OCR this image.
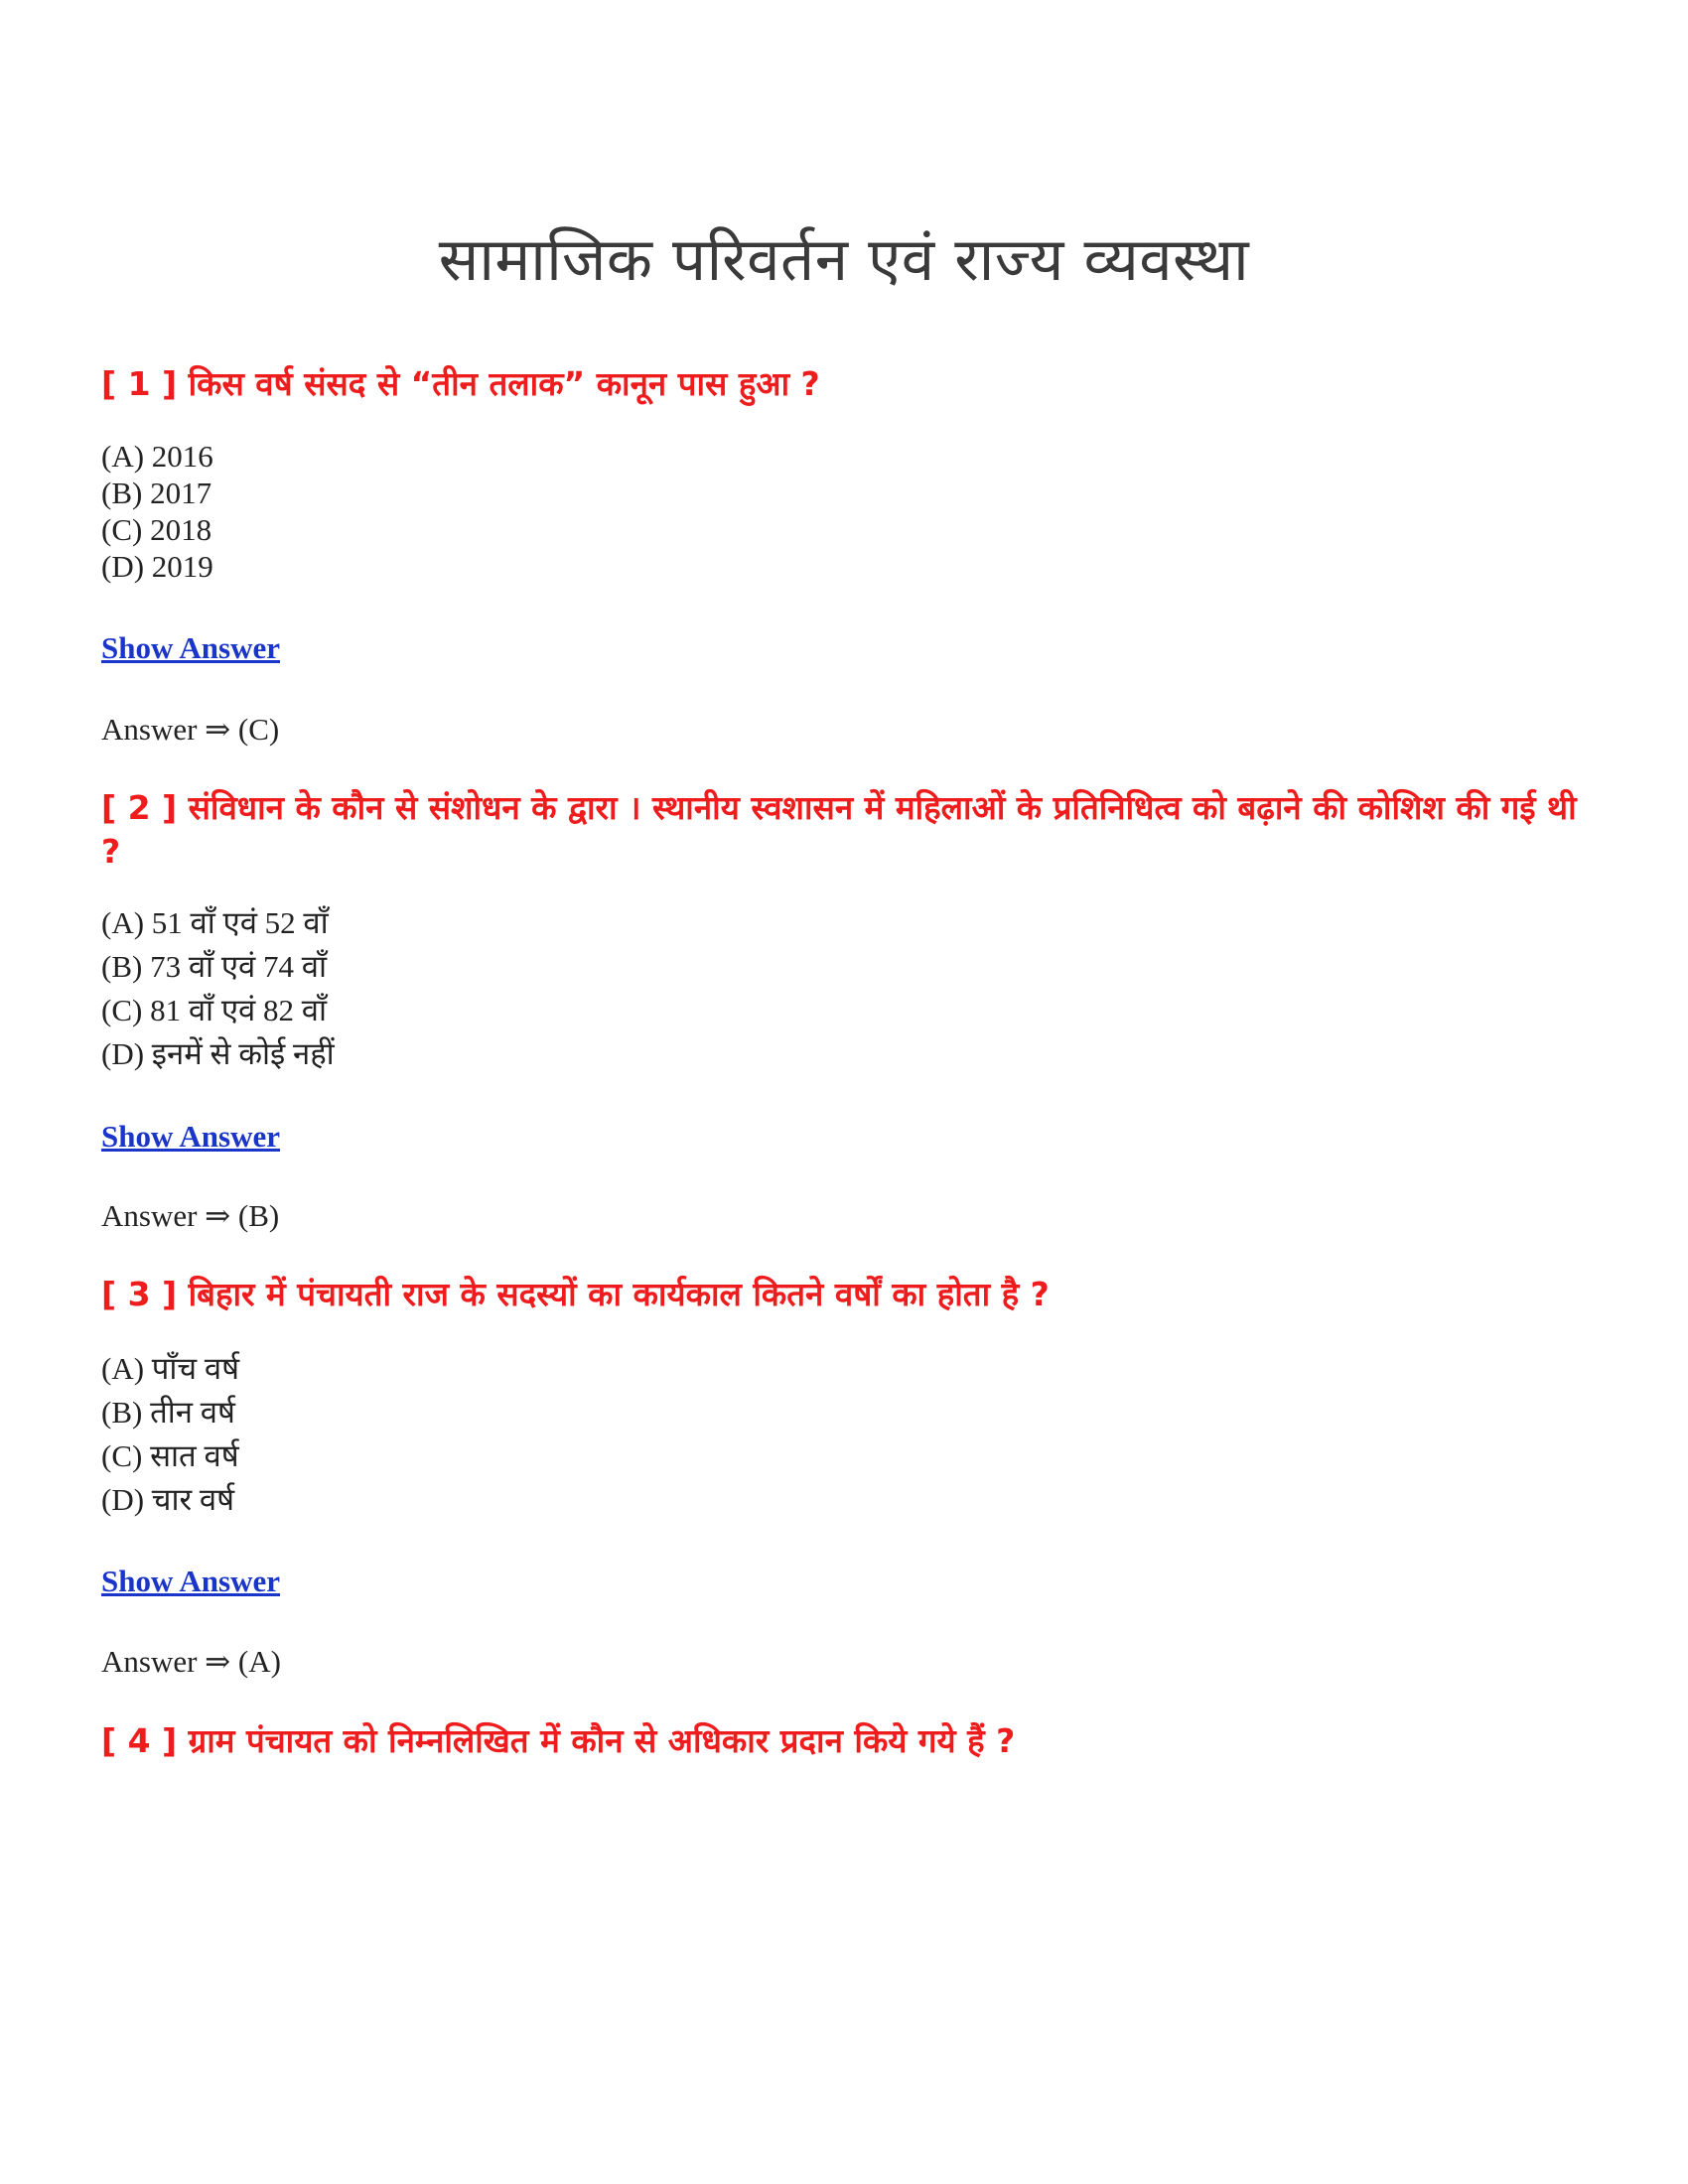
सामाजिक परिवर्तन एवं राज्य व्यवस्था
[ 1 ] किस वर्ष संसद से “तीन तलाक” कानून पास हुआ ?
(A) 2016
(B) 2017
(C) 2018
(D) 2019
Show Answer
Answer ⇒ (C)
[ 2 ] संविधान के कौन से संशोधन के द्वारा । स्थानीय स्वशासन में महिलाओं के प्रतिनिधित्व को बढ़ाने की कोशिश की गई थी ?
(A) 51 वाँ एवं 52 वाँ
(B) 73 वाँ एवं 74 वाँ
(C) 81 वाँ एवं 82 वाँ
(D) इनमें से कोई नहीं
Show Answer
Answer ⇒ (B)
[ 3 ] बिहार में पंचायती राज के सदस्यों का कार्यकाल कितने वर्षों का होता है ?
(A) पाँच वर्ष
(B) तीन वर्ष
(C) सात वर्ष
(D) चार वर्ष
Show Answer
Answer ⇒ (A)
[ 4 ] ग्राम पंचायत को निम्नलिखित में कौन से अधिकार प्रदान किये गये हैं ?
